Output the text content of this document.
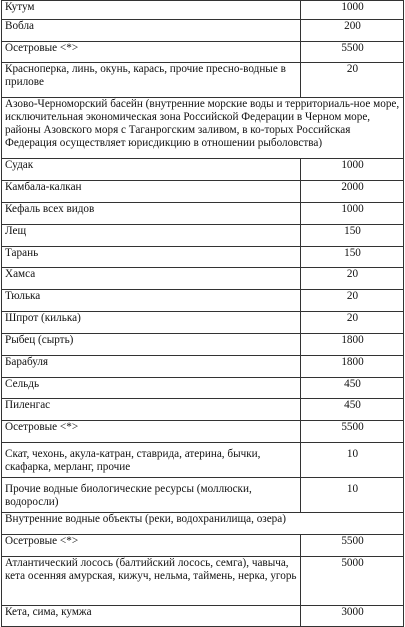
Кутум	1000
Вобла	200
Осетровые <*>	5500
Красноперка, линь, окунь, карась, прочие пресно-водные в прилове	20
Азово-Черноморский басейн (внутренние морские воды и территориаль-ное море, исключительная экономическая зона Российской Федерации в Черном море, районы Азовского моря с Таганрогским заливом, в ко-торых Российская Федерация осуществляет юрисдикцию в отношении рыболовства)	
Судак	1000
Камбала-калкан	2000
Кефаль всех видов	1000
Лещ	150
Тарань	150
Хамса	20
Тюлька	20
Шпрот (килька)	20
Рыбец (сырть)	1800
Барабуля	1800
Сельдь	450
Пиленгас	450
Осетровые <*>	5500
Скат, чехонь, акула-катран, ставрида, атерина, бычки, скафарка, мерланг, прочие	10
Прочие водные биологические ресурсы (моллюски, водоросли)	10
Внутренние водные объекты (реки, водохранилища, озера)	
Осетровые <*>	5500
Атлантический лосось (балтийский лосось, семга), чавыча, кета осенняя амурская, кижуч, нельма, таймень, нерка, угорь	5000
Кета, сима, кумжа	3000
